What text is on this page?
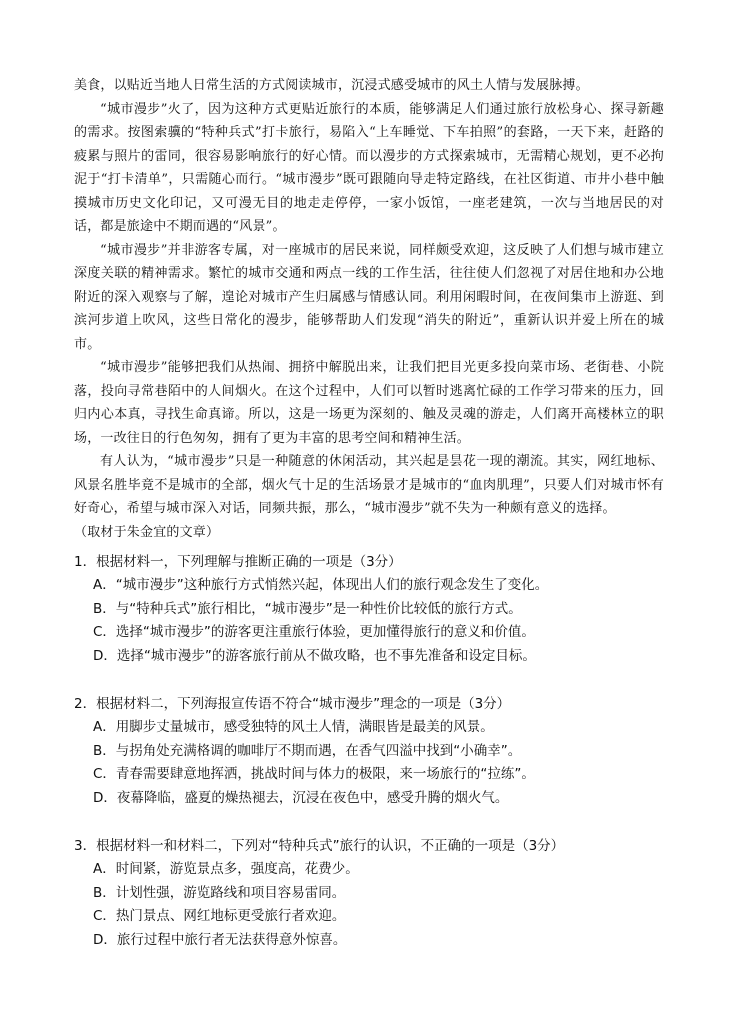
美食，以贴近当地人日常生活的方式阅读城市，沉浸式感受城市的风土人情与发展脉搏。

“城市漫步”火了，因为这种方式更贴近旅行的本质，能够满足人们通过旅行放松身心、探寻新趣的需求。按图索骥的“特种兵式”打卡旅行，易陷入“上车睡觉、下车拍照”的套路，一天下来，赶路的疲累与照片的雷同，很容易影响旅行的好心情。而以漫步的方式探索城市，无需精心规划，更不必拘泥于“打卡清单”，只需随心而行。“城市漫步”既可跟随向导走特定路线，在社区街道、市井小巷中触摸城市历史文化印记，又可漫无目的地走走停停，一家小饭馆，一座老建筑，一次与当地居民的对话，都是旅途中不期而遇的“风景”。

“城市漫步”并非游客专属，对一座城市的居民来说，同样颇受欢迎，这反映了人们想与城市建立深度关联的精神需求。繁忙的城市交通和两点一线的工作生活，往往使人们忽视了对居住地和办公地附近的深入观察与了解，遑论对城市产生归属感与情感认同。利用闲暇时间，在夜间集市上游逛、到滨河步道上吹风，这些日常化的漫步，能够帮助人们发现“消失的附近”，重新认识并爱上所在的城市。

“城市漫步”能够把我们从热闹、拥挤中解脱出来，让我们把目光更多投向菜市场、老街巷、小院落，投向寻常巷陌中的人间烟火。在这个过程中，人们可以暂时逃离忙碌的工作学习带来的压力，回归内心本真，寻找生命真谛。所以，这是一场更为深刻的、触及灵魂的游走，人们离开高楼林立的职场，一改往日的行色匆匆，拥有了更为丰富的思考空间和精神生活。

有人认为，“城市漫步”只是一种随意的休闲活动，其兴起是昙花一现的潮流。其实，网红地标、风景名胜毕竟不是城市的全部，烟火气十足的生活场景才是城市的“血肉肌理”，只要人们对城市怀有好奇心，希望与城市深入对话，同频共振，那么，“城市漫步”就不失为一种颇有意义的选择。

（取材于朱金宜的文章）

1．根据材料一，下列理解与推断正确的一项是（3分）

A．“城市漫步”这种旅行方式悄然兴起，体现出人们的旅行观念发生了变化。

B．与“特种兵式”旅行相比，“城市漫步”是一种性价比较低的旅行方式。

C．选择“城市漫步”的游客更注重旅行体验，更加懂得旅行的意义和价值。

D．选择“城市漫步”的游客旅行前从不做攻略，也不事先准备和设定目标。

2．根据材料二，下列海报宣传语不符合“城市漫步”理念的一项是（3分）

A．用脚步丈量城市，感受独特的风土人情，满眼皆是最美的风景。

B．与拐角处充满格调的咖啡厅不期而遇，在香气四溢中找到“小确幸”。

C．青春需要肆意地挥洒，挑战时间与体力的极限，来一场旅行的“拉练”。

D．夜幕降临，盛夏的燥热褪去，沉浸在夜色中，感受升腾的烟火气。

3．根据材料一和材料二，下列对“特种兵式”旅行的认识，不正确的一项是（3分）

A．时间紧，游览景点多，强度高，花费少。

B．计划性强，游览路线和项目容易雷同。

C．热门景点、网红地标更受旅行者欢迎。

D．旅行过程中旅行者无法获得意外惊喜。
